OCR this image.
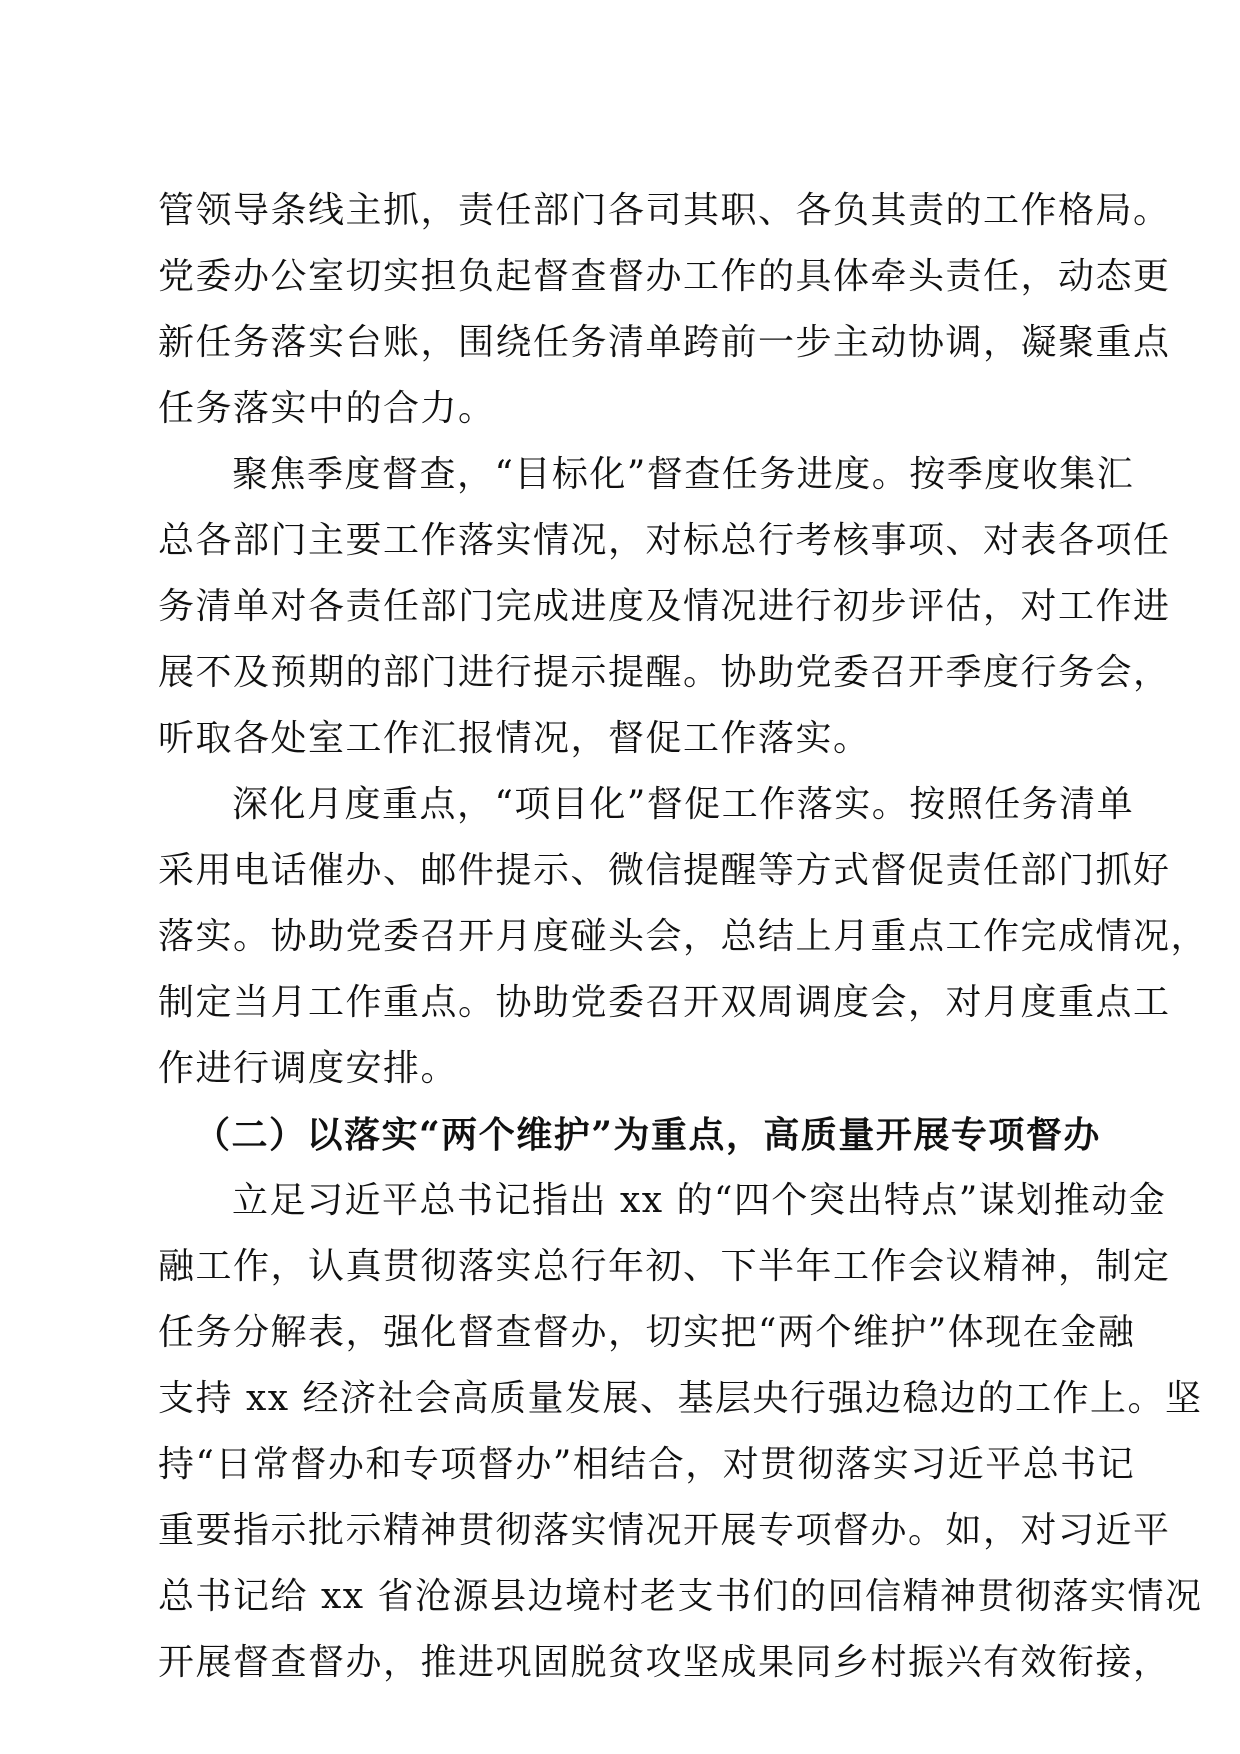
管领导条线主抓，责任部门各司其职、各负其责的工作格局。
党委办公室切实担负起督查督办工作的具体牵头责任，动态更
新任务落实台账，围绕任务清单跨前一步主动协调，凝聚重点
任务落实中的合力。
聚焦季度督查，“目标化”督查任务进度。按季度收集汇
总各部门主要工作落实情况，对标总行考核事项、对表各项任
务清单对各责任部门完成进度及情况进行初步评估，对工作进
展不及预期的部门进行提示提醒。协助党委召开季度行务会，
听取各处室工作汇报情况，督促工作落实。
深化月度重点，“项目化”督促工作落实。按照任务清单
采用电话催办、邮件提示、微信提醒等方式督促责任部门抓好
落实。协助党委召开月度碰头会，总结上月重点工作完成情况，
制定当月工作重点。协助党委召开双周调度会，对月度重点工
作进行调度安排。
（二）以落实“两个维护”为重点，高质量开展专项督办
立足习近平总书记指出 xx 的“四个突出特点”谋划推动金
融工作，认真贯彻落实总行年初、下半年工作会议精神，制定
任务分解表，强化督查督办，切实把“两个维护”体现在金融
支持 xx 经济社会高质量发展、基层央行强边稳边的工作上。坚
持“日常督办和专项督办”相结合，对贯彻落实习近平总书记
重要指示批示精神贯彻落实情况开展专项督办。如，对习近平
总书记给 xx 省沧源县边境村老支书们的回信精神贯彻落实情况
开展督查督办，推进巩固脱贫攻坚成果同乡村振兴有效衔接，
